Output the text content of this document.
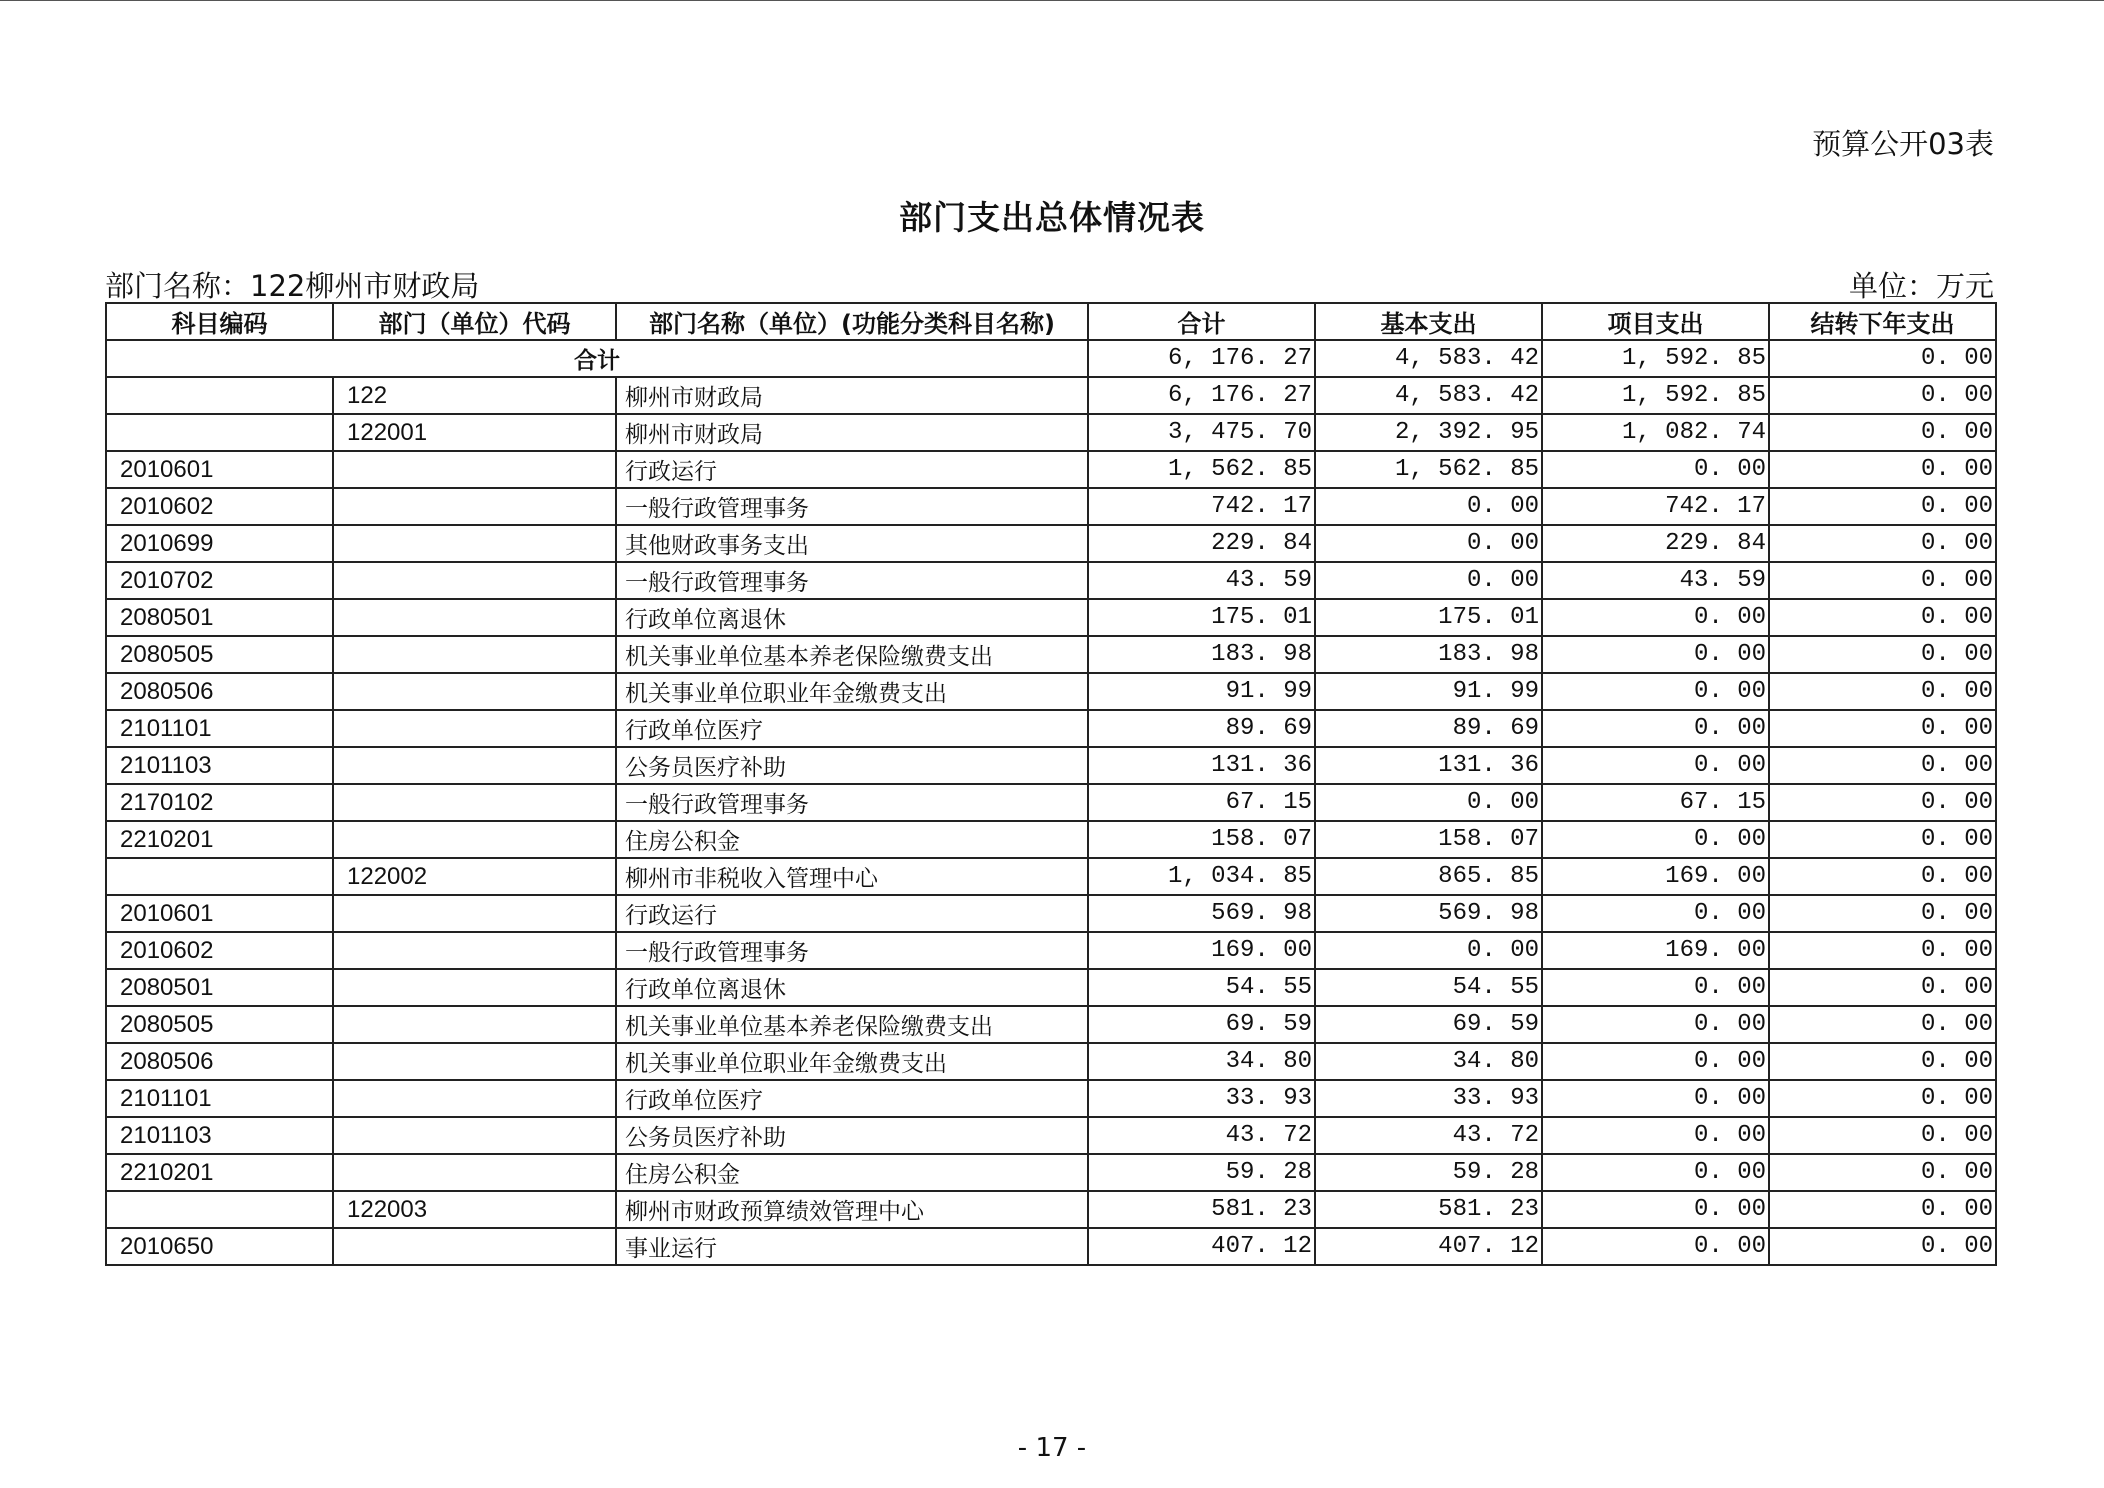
预算公开03表
部门支出总体情况表
部门名称：122柳州市财政局	单位：万元
科目编码	部门（单位）代码	部门名称（单位）(功能分类科目名称)	合计	基本支出	项目支出	结转下年支出
合计			6, 176. 27	4, 583. 42	1, 592. 85	0. 00
	122	柳州市财政局	6, 176. 27	4, 583. 42	1, 592. 85	0. 00
	122001	柳州市财政局	3, 475. 70	2, 392. 95	1, 082. 74	0. 00
2010601		行政运行	1, 562. 85	1, 562. 85	0. 00	0. 00
2010602		一般行政管理事务	742. 17	0. 00	742. 17	0. 00
2010699		其他财政事务支出	229. 84	0. 00	229. 84	0. 00
2010702		一般行政管理事务	43. 59	0. 00	43. 59	0. 00
2080501		行政单位离退休	175. 01	175. 01	0. 00	0. 00
2080505		机关事业单位基本养老保险缴费支出	183. 98	183. 98	0. 00	0. 00
2080506		机关事业单位职业年金缴费支出	91. 99	91. 99	0. 00	0. 00
2101101		行政单位医疗	89. 69	89. 69	0. 00	0. 00
2101103		公务员医疗补助	131. 36	131. 36	0. 00	0. 00
2170102		一般行政管理事务	67. 15	0. 00	67. 15	0. 00
2210201		住房公积金	158. 07	158. 07	0. 00	0. 00
	122002	柳州市非税收入管理中心	1, 034. 85	865. 85	169. 00	0. 00
2010601		行政运行	569. 98	569. 98	0. 00	0. 00
2010602		一般行政管理事务	169. 00	0. 00	169. 00	0. 00
2080501		行政单位离退休	54. 55	54. 55	0. 00	0. 00
2080505		机关事业单位基本养老保险缴费支出	69. 59	69. 59	0. 00	0. 00
2080506		机关事业单位职业年金缴费支出	34. 80	34. 80	0. 00	0. 00
2101101		行政单位医疗	33. 93	33. 93	0. 00	0. 00
2101103		公务员医疗补助	43. 72	43. 72	0. 00	0. 00
2210201		住房公积金	59. 28	59. 28	0. 00	0. 00
	122003	柳州市财政预算绩效管理中心	581. 23	581. 23	0. 00	0. 00
2010650		事业运行	407. 12	407. 12	0. 00	0. 00
- 17 -
